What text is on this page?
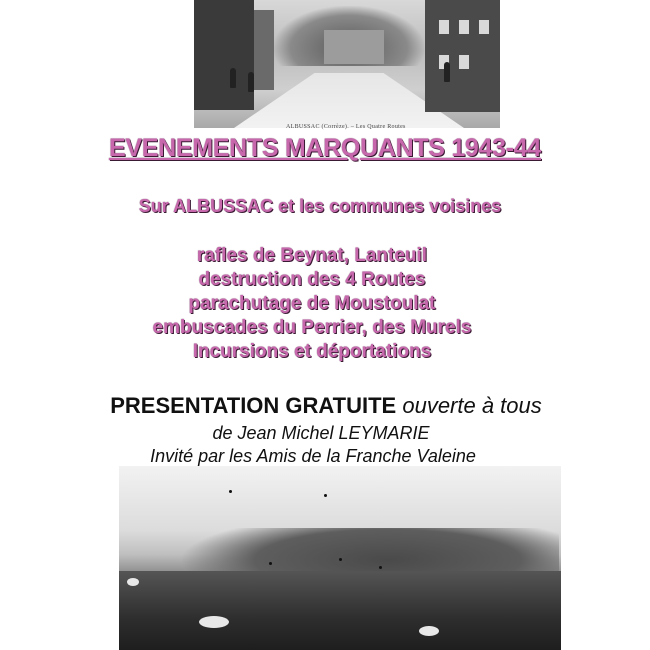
ALBUSSAC (Corrèze). – Les Quatre Routes
EVENEMENTS MARQUANTS 1943-44
Sur ALBUSSAC et les communes voisines
rafles de Beynat, Lanteuil
destruction des 4 Routes
parachutage de Moustoulat
embuscades du Perrier, des Murels
Incursions et déportations
PRESENTATION GRATUITE ouverte à tous
de Jean Michel LEYMARIE
Invité par les Amis de la Franche Valeine
